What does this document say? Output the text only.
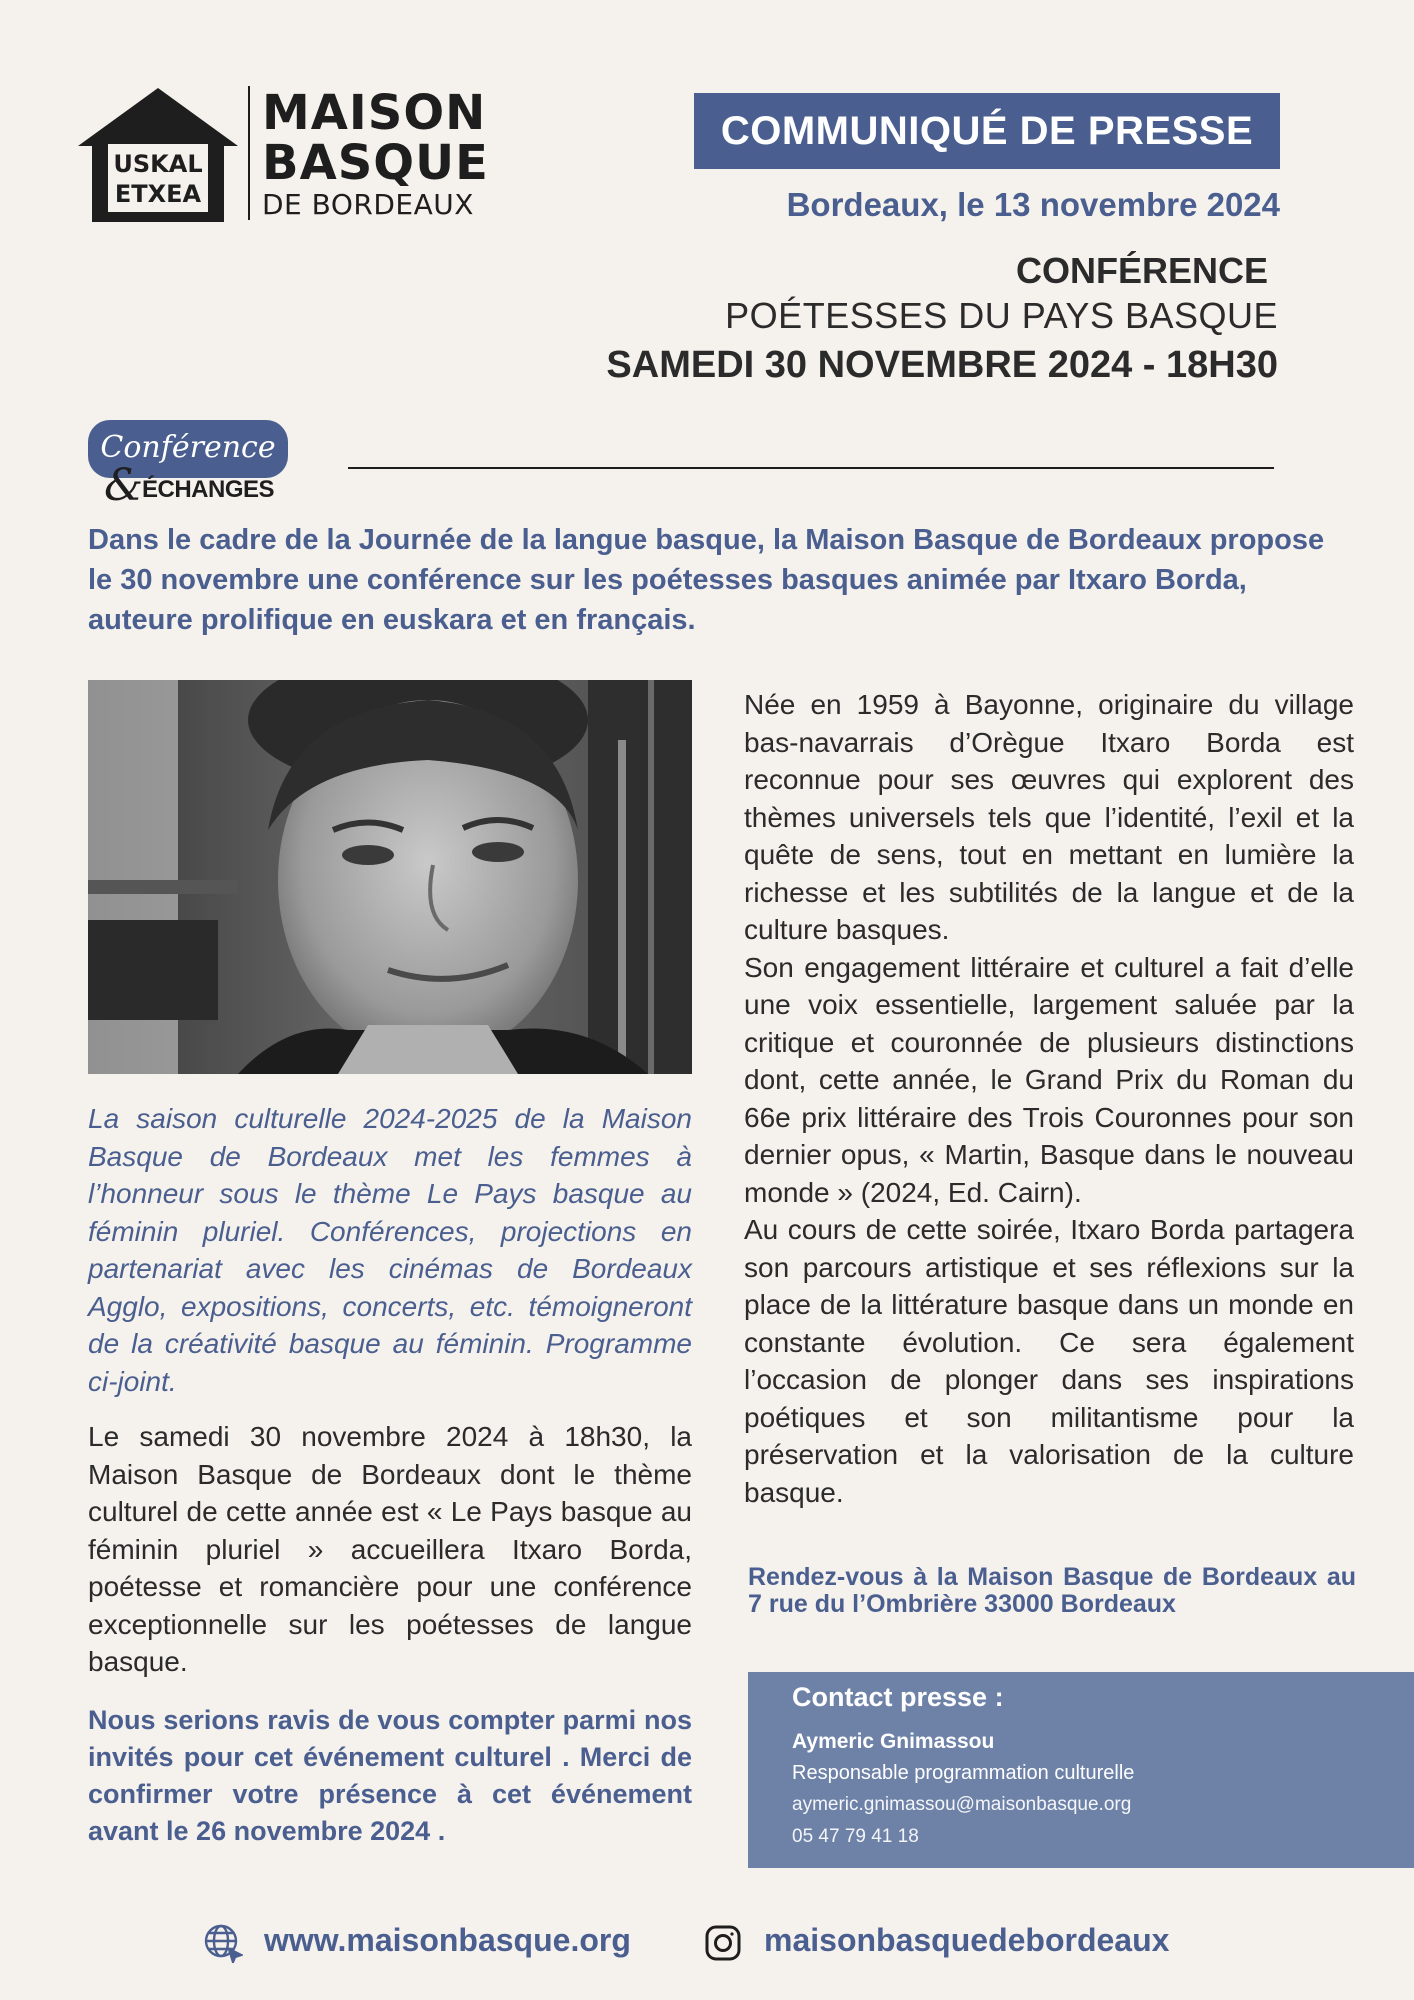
USKAL
ETXEA
MAISON
BASQUE
DE BORDEAUX
COMMUNIQUÉ DE PRESSE
Bordeaux, le 13 novembre 2024
CONFÉRENCE
POÉTESSES DU PAYS BASQUE
SAMEDI 30 NOVEMBRE 2024 - 18H30
Conférence
&
ÉCHANGES
Dans le cadre de la Journée de la langue basque, la Maison Basque de Bordeaux propose le 30 novembre une conférence sur les poétesses basques animée par Itxaro Borda, auteure prolifique en euskara et en français.
La saison culturelle 2024-2025 de la Maison Basque de Bordeaux met les femmes à l’honneur sous le thème Le Pays basque au féminin pluriel. Conférences, projections en partenariat avec les cinémas de Bordeaux Agglo, expositions, concerts, etc. témoigneront de la créativité basque au féminin. Programme ci-joint.
Le samedi 30 novembre 2024 à 18h30, la Maison Basque de Bordeaux dont le thème culturel de cette année est « Le Pays basque au féminin pluriel » accueillera Itxaro Borda, poétesse et romancière pour une conférence exceptionnelle sur les poétesses de langue basque.
Nous serions ravis de vous compter parmi nos invités pour cet événement culturel . Merci de confirmer votre présence à cet événement avant le 26 novembre 2024 .

Née en 1959 à Bayonne, originaire du village bas-navarrais d’Orègue Itxaro Borda est reconnue pour ses œuvres qui explorent des thèmes universels tels que l’identité, l’exil et la quête de sens, tout en mettant en lumière la richesse et les subtilités de la langue et de la culture basques.

Son engagement littéraire et culturel a fait d’elle une voix essentielle, largement saluée par la critique et couronnée de plusieurs distinctions dont, cette année, le Grand Prix du Roman du 66e prix littéraire des Trois Couronnes pour son dernier opus, « Martin, Basque dans le nouveau monde » (2024, Ed. Cairn).

Au cours de cette soirée, Itxaro Borda partagera son parcours artistique et ses réflexions sur la place de la littérature basque dans un monde en constante évolution. Ce sera également l’occasion de plonger dans ses inspirations poétiques et son militantisme pour la préservation et la valorisation de la culture basque.

Rendez-vous à la Maison Basque de Bordeaux au 7 rue du l’Ombrière 33000 Bordeaux
Contact presse :
Aymeric Gnimassou
Responsable programmation culturelle
aymeric.gnimassou@maisonbasque.org
05 47 79 41 18
www.maisonbasque.org	maisonbasquedebordeaux
